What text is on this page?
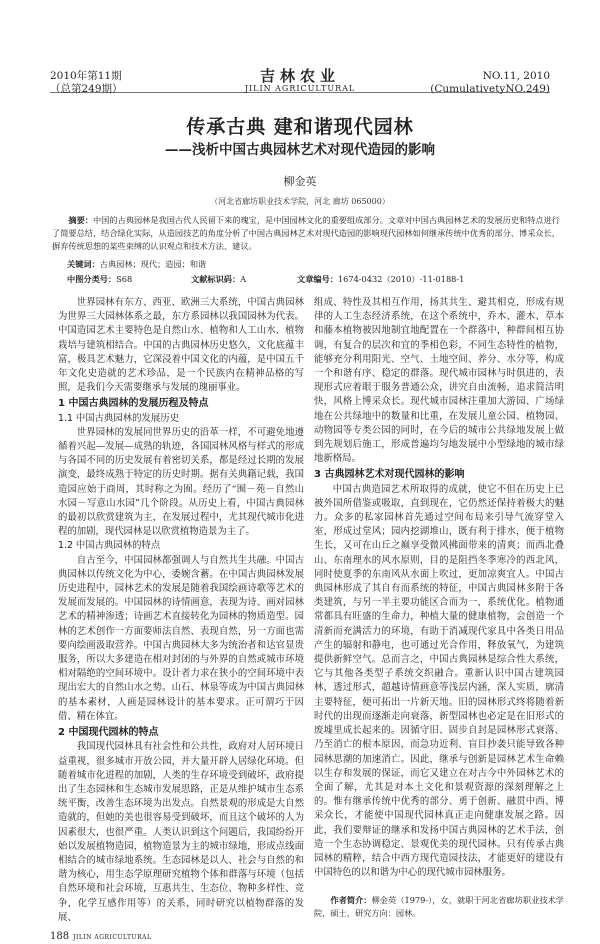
2010年第11期
（总第249期）
吉林农业
JILIN AGRICULTURAL
NO.11, 2010
(CumulativetyNO.249)
传承古典 建和谐现代园林
——浅析中国古典园林艺术对现代造园的影响
柳金英
（河北省廊坊职业技术学院，河北 廊坊 065000）
摘要：中国的古典园林是我国古代人民留下来的瑰宝，是中国园林文化的重要组成部分。文章对中国古典园林艺术的发展历史和特点进行了简要总结，结合绿化实际，从造园技艺的角度分析了中国古典园林艺术对现代造园的影响现代园林如何继承传统中优秀的部分、博采众长，摒弃传统思想的某些束缚的认识观点和技术方法、建议。
关键词：古典园林；现代；造园；和谐
中图分类号：S68	文献标识码：A	文章编号：1674-0432（2010）-11-0188-1

世界园林有东方、西亚、欧洲三大系统，中国古典园林为世界三大园林体系之最，东方系园林以我国园林为代表。中国造园艺术主要特色是自然山水、植物和人工山水、植物栽培与建筑相结合。中国的古典园林历史悠久，文化底蕴丰富，极具艺术魅力，它深浸着中国文化的内蕴，是中国五千年文化史造就的艺术珍品，是一个民族内在精神品格的写照，是我们今天需要继承与发展的瑰丽事业。

1 中国古典园林的发展历程及特点
1.1 中国古典园林的发展历史

世界园林的发展同世界历史的沿革一样，不可避免地遵循着兴起—发展—成熟的轨迹，各国园林风格与样式的形成与各国不同的历史发展有着密切关系，都是经过长期的发展演变，最终成熟于特定的历史时期。据有关典籍记载，我国造园应始于商周，其时称之为囿。经历了“囿－苑－自然山水园－写意山水园”几个阶段。从历史上看，中国古典园林的最初以欣赏建筑为主，在发展过程中，尤其现代城市化进程的加剧，现代园林是以欣赏植物造景为主了。

1.2 中国古典园林的特点

自古至今，中国园林都强调人与自然共生共融。中国古典园林以传统文化为中心，委婉含蓄。在中国古典园林发展历史进程中，园林艺术的发展是随着我国绘画诗歌等艺术的发展而发展的。中国园林的诗情画意，表现为诗、画对园林艺术的精神渗透；诗画艺术直接转化为园林的物质造型。园林的艺术创作一方面要师法自然、表现自然，另一方面也需要向绘画汲取营养。中国古典园林大多为统治者和达官显贵服务，所以大多建造在相对封闭的与外界的自然或城市环境相对隔绝的空间环境中。设计者力求在狭小的空间环境中表现出宏大的自然山水之势。山石、林泉等成为中国古典园林的基本素材，人画是园林设计的基本要求。正可谓巧于因借、精在体宜。

2 中国现代园林的特点

我国现代园林具有社会性和公共性，政府对人居环境日益重视，很多城市开放公园，并大量开辟人居绿化环境。但随着城市化进程的加剧，人类的生存环境受到破坏，政府提出了生态园林和生态城市发展思路，正是从维护城市生态系统平衡，改善生态环境为出发点。自然景观的形成是大自然造就的，但她的美也很容易受到破坏，而且这个破坏的人为因素很大，也很严重。人类认识到这个问题后，我国纷纷开始以发展植物造园，植物造景为主的城市绿地，形成点线面相结合的城市绿地系统。生态园林是以人、社会与自然的和谐为核心，用生态学原理研究植物个体和群落与环境（包括自然环境和社会环境，互惠共生、生态位、物种多样性、竞争，化学互感作用等）的关系，同时研究以植物群落的发展、

组成、特性及其相互作用，扬其共生、避其相克，形成有规律的人工生态经济系统，在这个系统中，乔木、灌木、草本和藤本植物被因地制宜地配置在一个群落中，种群间相互协调，有复合的层次和宜的季相色彩，不同生态特性的植物，能够充分利用阳光、空气、土地空间、养分、水分等，构成一个和谐有序、稳定的群落。现代城市园林与时俱进的，表现形式应着眼于服务普通公众，讲究自由流畅，追求简洁明快，风格上博采众长。现代城市园林注重加大游园、广场绿地在公共绿地中的数量和比重，在发展儿童公园、植物园、动物园等专类公园的同时，在今后的城市公共绿地发展上做到先规划后施工，形成普遍均匀地发展中小型绿地的城市绿地新格局。

3 古典园林艺术对现代园林的影响

中国古典造园艺术所取得的成就，使它不但在历史上已被外国所借鉴或吸取，直到现在，它仍然还保持着极大的魅力。众多的私家园林首先通过空间布局来引导气流穿堂入室，形成过堂风；园内挖湖堆山，既有利于排水，便于植物生长，又可在山丘之巅享受微风拂面带来的清爽；而西北叠山、东南理水的风水原则，目的是阻挡冬季寒冷的西北风，同时使夏季的东南风从水面上吹过，更加凉爽宜人。中国古典园林形成了其自有而系统的特征，中国古典园林多附于各类建筑，与另一半主要功能区合而为一，系统优化。植物通常都具有旺盛的生命力，种植大量的健康植物，会创造一个清新而充满活力的环境，有助于消减现代家具中各类日用品产生的辐射和静电，也可通过光合作用，释放氧气，为建筑提供新鲜空气。总而言之，中国古典园林是综合性大系统，它与其他各类型子系统交织融合。重新认识中国古建筑园林，透过形式，超越诗情画意等浅层内涵，深人实质，廓清主要特征，便可拓出一片新天地。旧的园林形式终将随着新时代的出现而逐渐走向衰落，新型园林也必定是在旧形式的废墟里成长起来的。因循守旧、固步自封是园林形式衰落、乃至消亡的根本原因，而急功近利、盲目抄袭只能导致各种园林思潮的加速消亡。因此，继承与创新是园林艺术生命赖以生存和发展的保证，而它又建立在对古今中外园林艺术的全面了解，尤其是对本土文化和景观资源的深刻理解之上的。惟有继承传统中优秀的部分、勇于创新、融贯中西、博采众长，才能使中国现代园林真正走向健康发展之路。因此，我们要辩证的继承和发扬中国古典园林的艺术手法，创造一个生态协调稳定、景观优美的现代园林。只有传承古典园林的精粹，结合中西方现代造园技法，才能更好的建设有中国特色的以和谐为中心的现代城市园林服务。

作者简介：柳金英（1979-），女，就职于河北省廊坊职业技术学院，硕士，研究方向：园林。

188 JILIN AGRICULTURAL
